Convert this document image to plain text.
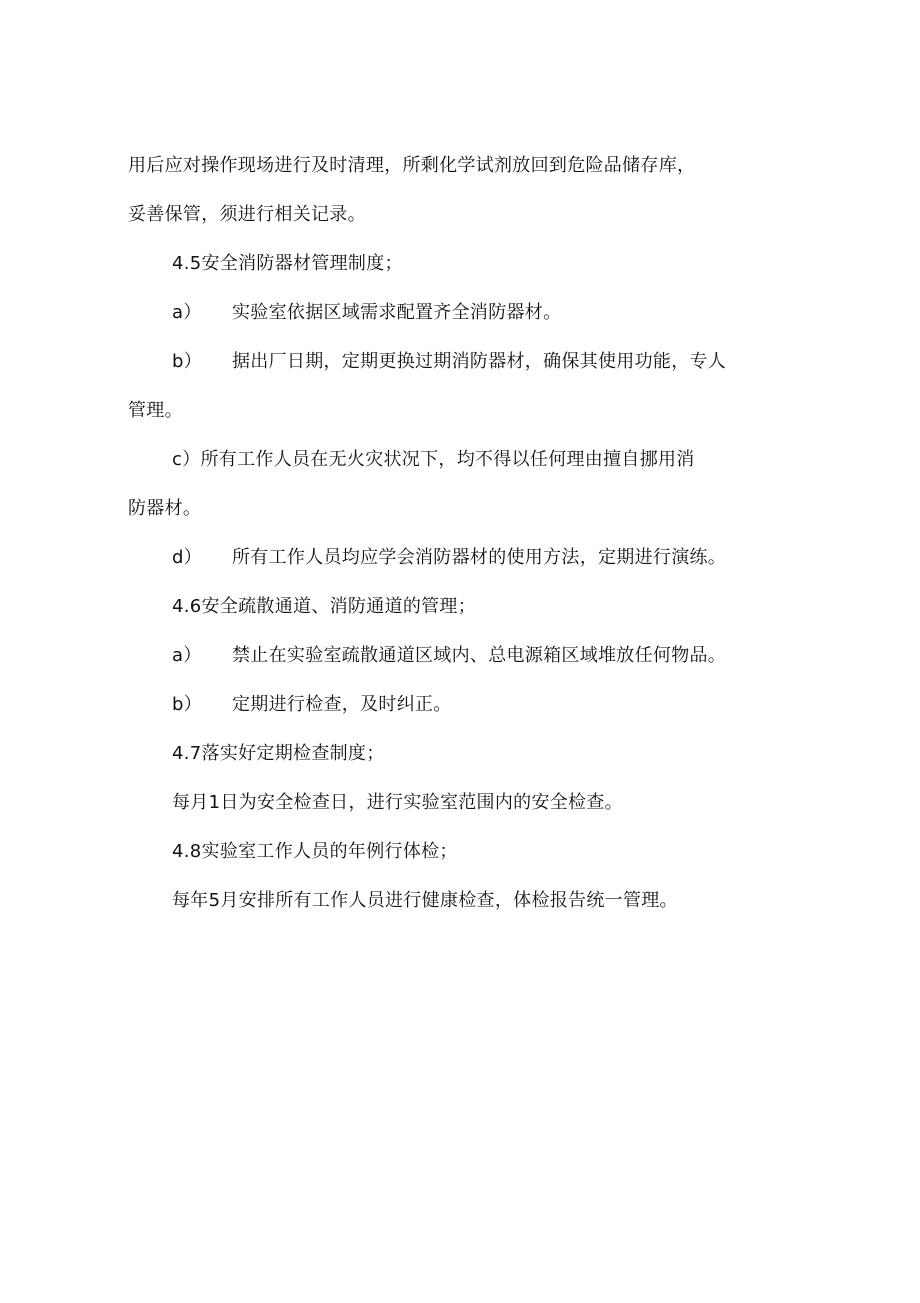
用后应对操作现场进行及时清理，所剩化学试剂放回到危险品储存库，
妥善保管，须进行相关记录。
4.5安全消防器材管理制度；
a） 实验室依据区域需求配置齐全消防器材。
b） 据出厂日期，定期更换过期消防器材，确保其使用功能，专人
管理。
c）所有工作人员在无火灾状况下，均不得以任何理由擅自挪用消
防器材。
d） 所有工作人员均应学会消防器材的使用方法，定期进行演练。
4.6安全疏散通道、消防通道的管理；
a） 禁止在实验室疏散通道区域内、总电源箱区域堆放任何物品。
b） 定期进行检查，及时纠正。
4.7落实好定期检查制度；
每月1日为安全检查日，进行实验室范围内的安全检查。
4.8实验室工作人员的年例行体检；
每年5月安排所有工作人员进行健康检查，体检报告统一管理。
